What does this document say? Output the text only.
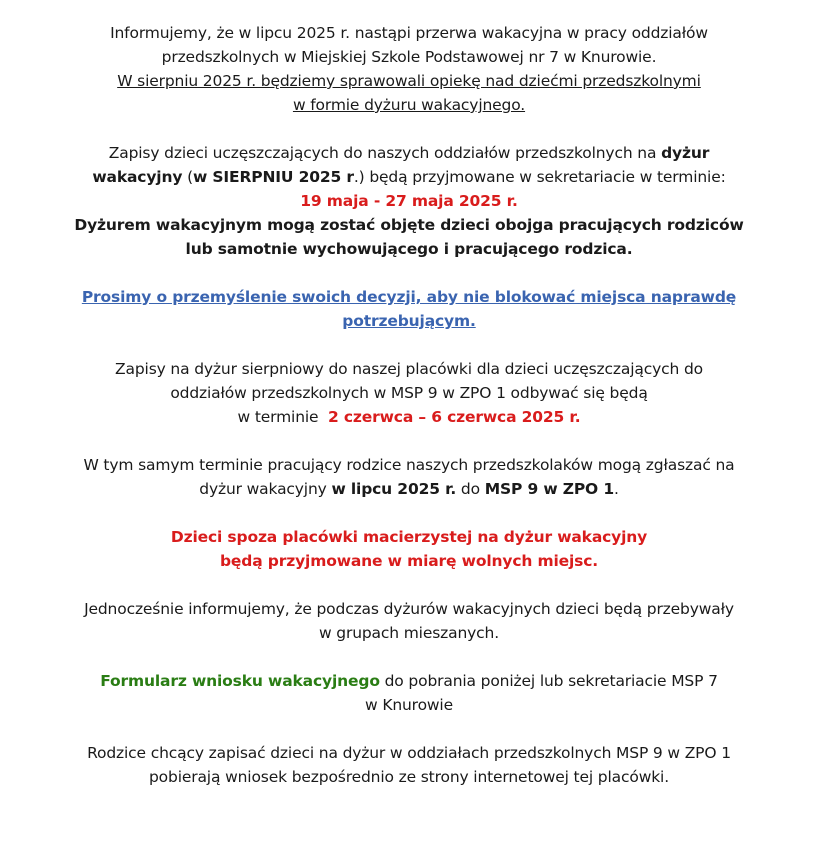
Informujemy, że w lipcu 2025 r. nastąpi przerwa wakacyjna w pracy oddziałów
przedszkolnych w Miejskiej Szkole Podstawowej nr 7 w Knurowie.
W sierpniu 2025 r. będziemy sprawowali opiekę nad dziećmi przedszkolnymi
w formie dyżuru wakacyjnego.

Zapisy dzieci uczęszczających do naszych oddziałów przedszkolnych na dyżur
wakacyjny (w SIERPNIU 2025 r.) będą przyjmowane w sekretariacie w terminie:
19 maja - 27 maja 2025 r.
Dyżurem wakacyjnym mogą zostać objęte dzieci obojga pracujących rodziców
lub samotnie wychowującego i pracującego rodzica.

Prosimy o przemyślenie swoich decyzji, aby nie blokować miejsca naprawdę
potrzebującym.

Zapisy na dyżur sierpniowy do naszej placówki dla dzieci uczęszczających do
oddziałów przedszkolnych w MSP 9 w ZPO 1 odbywać się będą
w terminie  2 czerwca – 6 czerwca 2025 r.

W tym samym terminie pracujący rodzice naszych przedszkolaków mogą zgłaszać na
dyżur wakacyjny w lipcu 2025 r. do MSP 9 w ZPO 1.

Dzieci spoza placówki macierzystej na dyżur wakacyjny
będą przyjmowane w miarę wolnych miejsc.

Jednocześnie informujemy, że podczas dyżurów wakacyjnych dzieci będą przebywały
w grupach mieszanych.

Formularz wniosku wakacyjnego do pobrania poniżej lub sekretariacie MSP 7
w Knurowie

Rodzice chcący zapisać dzieci na dyżur w oddziałach przedszkolnych MSP 9 w ZPO 1
pobierają wniosek bezpośrednio ze strony internetowej tej placówki.
